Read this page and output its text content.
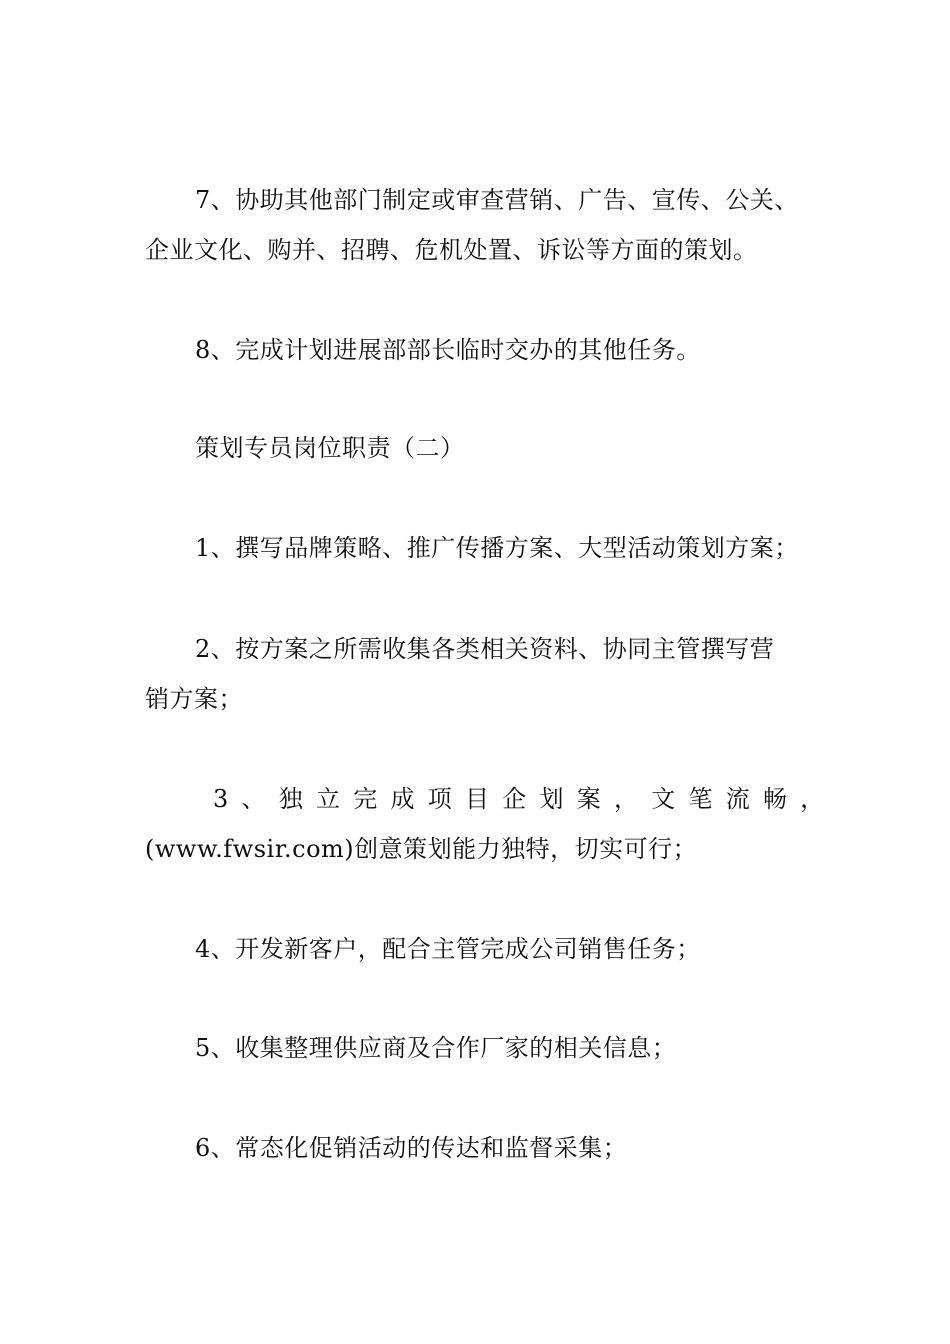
7、协助其他部门制定或审查营销、广告、宣传、公关、
企业文化、购并、招聘、危机处置、诉讼等方面的策划。
8、完成计划进展部部长临时交办的其他任务。
策划专员岗位职责（二）
1、撰写品牌策略、推广传播方案、大型活动策划方案；
2、按方案之所需收集各类相关资料、协同主管撰写营
销方案；
3 、 独 立 完 成 项 目 企 划 案 ， 文 笔 流 畅 ，
(www.fwsir.com)创意策划能力独特，切实可行；
4、开发新客户，配合主管完成公司销售任务；
5、收集整理供应商及合作厂家的相关信息；
6、常态化促销活动的传达和监督采集；
